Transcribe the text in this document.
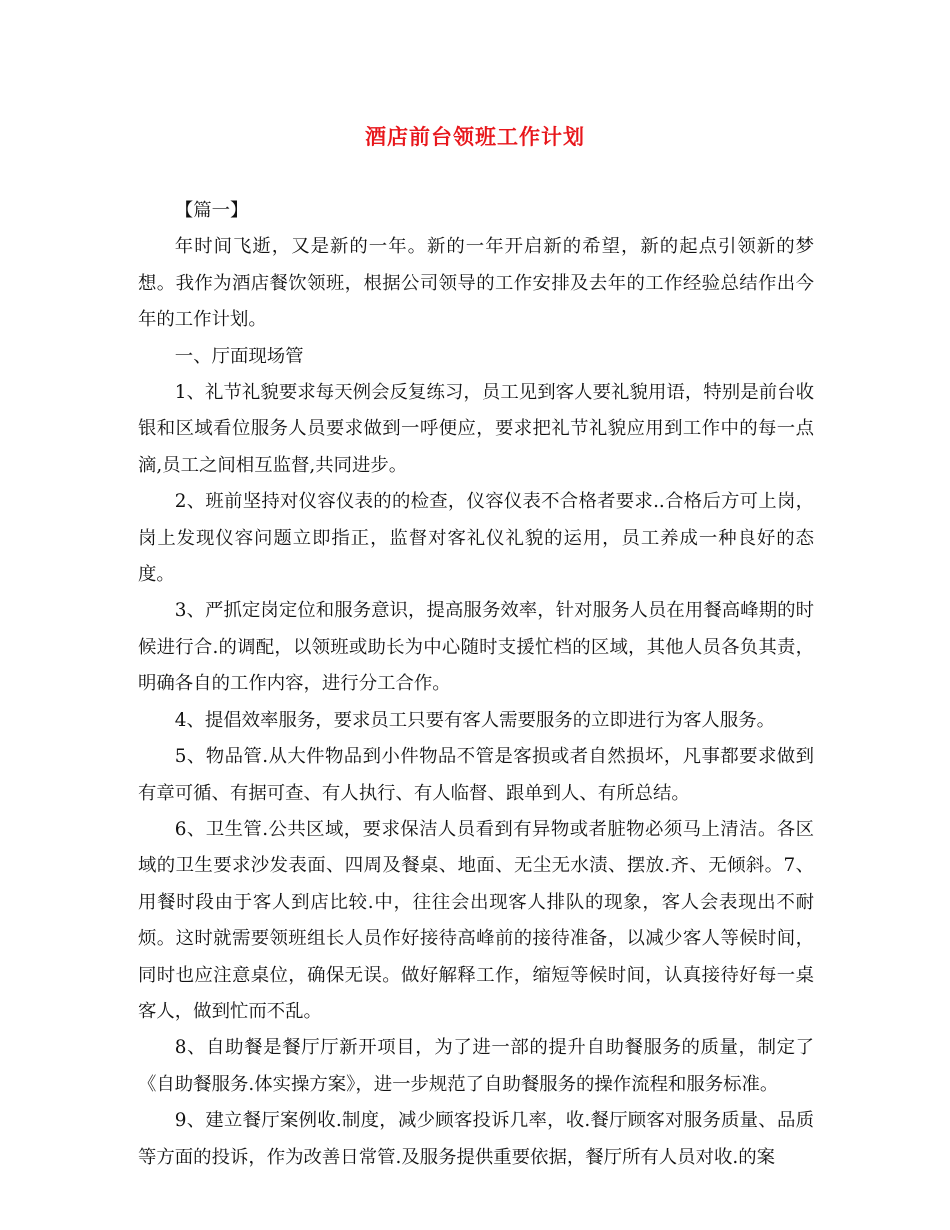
酒店前台领班工作计划

【篇一】

年时间飞逝，又是新的一年。新的一年开启新的希望，新的起点引领新的梦想。我作为酒店餐饮领班，根据公司领导的工作安排及去年的工作经验总结作出今年的工作计划。

一、厅面现场管

1、礼节礼貌要求每天例会反复练习，员工见到客人要礼貌用语，特别是前台收银和区域看位服务人员要求做到一呼便应，要求把礼节礼貌应用到工作中的每一点滴,员工之间相互监督,共同进步。

2、班前坚持对仪容仪表的的检查，仪容仪表不合格者要求..合格后方可上岗，岗上发现仪容问题立即指正，监督对客礼仪礼貌的运用，员工养成一种良好的态度。

3、严抓定岗定位和服务意识，提高服务效率，针对服务人员在用餐高峰期的时候进行合.的调配，以领班或助长为中心随时支援忙档的区域，其他人员各负其责，明确各自的工作内容，进行分工合作。

4、提倡效率服务，要求员工只要有客人需要服务的立即进行为客人服务。

5、物品管.从大件物品到小件物品不管是客损或者自然损坏，凡事都要求做到有章可循、有据可查、有人执行、有人临督、跟单到人、有所总结。

6、卫生管.公共区域，要求保洁人员看到有异物或者脏物必须马上清洁。各区域的卫生要求沙发表面、四周及餐桌、地面、无尘无水渍、摆放.齐、无倾斜。7、用餐时段由于客人到店比较.中，往往会出现客人排队的现象，客人会表现出不耐烦。这时就需要领班组长人员作好接待高峰前的接待准备，以减少客人等候时间，同时也应注意桌位，确保无误。做好解释工作，缩短等候时间，认真接待好每一桌客人，做到忙而不乱。

8、自助餐是餐厅厅新开项目，为了进一部的提升自助餐服务的质量，制定了《自助餐服务.体实操方案》，进一步规范了自助餐服务的操作流程和服务标准。

9、建立餐厅案例收.制度，减少顾客投诉几率，收.餐厅顾客对服务质量、品质等方面的投诉，作为改善日常管.及服务提供重要依据，餐厅所有人员对收.的案
